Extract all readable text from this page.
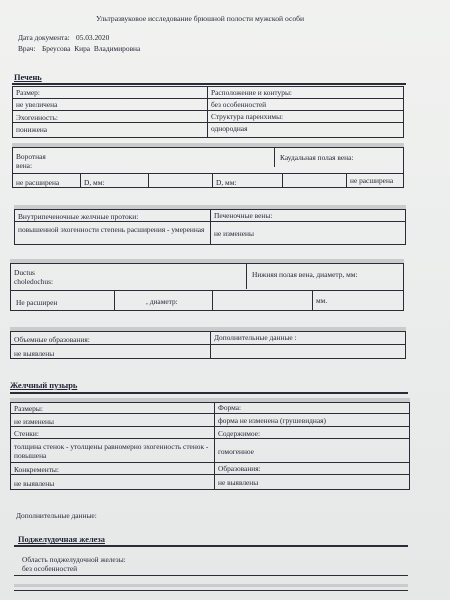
Ультразвуковое исследование брюшной полости мужской особи
Дата документа: 05.03.2020
Врач: Бреусова Кира Владимировна
Печень
Размер:
не увеличена
Эхогенность:
понижена
Расположение и контуры:
без особенностей
Структура паренхимы:
однородная
Воротная вена:
Каудальная полая вена:
не расширена	D, мм:	D, мм:	не расширена
Внутрипеченочные желчные протоки:
повышенной эхогенности степень расширения - умеренная
Печеночные вены:
не изменены
Ductus choledochus:
Нижняя полая вена, диаметр, мм:
Не расширен	, диаметр:	мм.
Объемные образования:
не выявлены
Дополнительные данные :
Желчный пузырь
Размеры:
не изменены
Форма:
форма не изменена (грушевидная)
Стенки:
толщина стенок - утолщены равномерно эхогенность стенок - повышена
Содержимое:
гомогенное
Конкременты:
не выявлены
Образования:
не выявлены
Дополнительные данные:
Поджелудочная железа
Область поджелудочной железы:
без особенностей
